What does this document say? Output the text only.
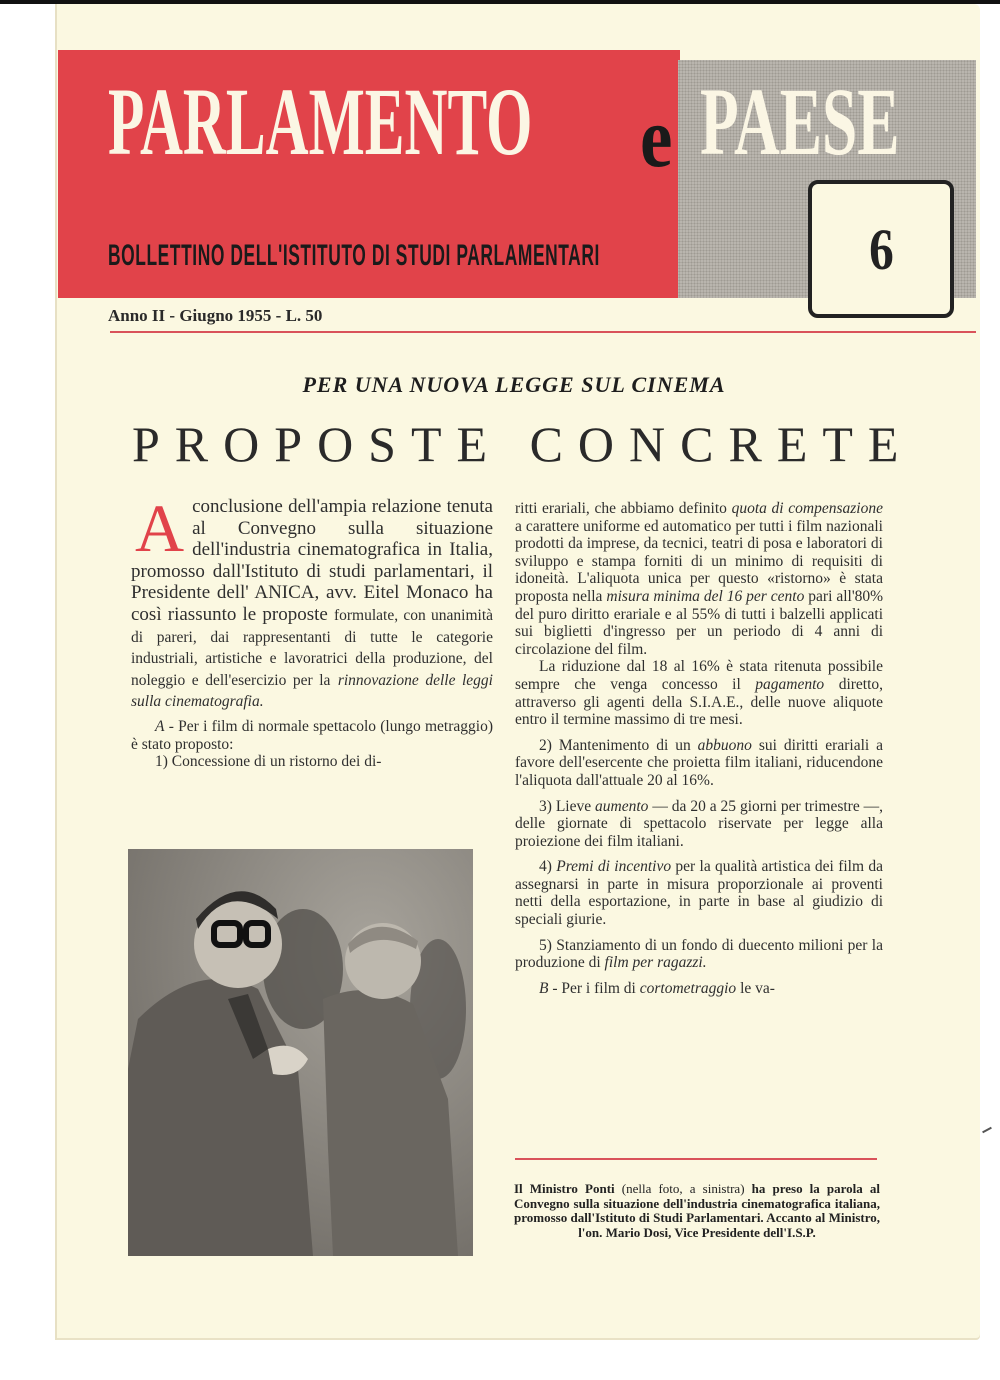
PARLAMENTO e PAESE
BOLLETTINO DELL'ISTITUTO DI STUDI PARLAMENTARI	6
Anno II - Giugno 1955 - L. 50
PER UNA NUOVA LEGGE SUL CINEMA
PROPOSTE CONCRETE

Aconclusione dell'ampia relazione tenuta al Convegno sulla situazione dell'industria cinematografica in Italia, promosso dall'Istituto di studi parlamentari, il Presidente dell' ANICA, avv. Eitel Monaco ha così riassunto le proposte formulate, con unanimità di pareri, dai rappresentanti di tutte le categorie industriali, artistiche e lavoratrici della produzione, del noleggio e dell'esercizio per la rinnovazione delle leggi sulla cinematografia.

A - Per i film di normale spettacolo (lungo metraggio) è stato proposto:

1) Concessione di un ristorno dei di-

ritti erariali, che abbiamo definito quota di compensazione a carattere uniforme ed automatico per tutti i film nazionali prodotti da imprese, da tecnici, teatri di posa e laboratori di sviluppo e stampa forniti di un minimo di requisiti di idoneità. L'aliquota unica per questo «ristorno» è stata proposta nella misura minima del 16 per cento pari all'80% del puro diritto erariale e al 55% di tutti i balzelli applicati sui biglietti d'ingresso per un periodo di 4 anni di circolazione del film.

La riduzione dal 18 al 16% è stata ritenuta possibile sempre che venga concesso il pagamento diretto, attraverso gli agenti della S.I.A.E., delle nuove aliquote entro il termine massimo di tre mesi.

2) Mantenimento di un abbuono sui diritti erariali a favore dell'esercente che proietta film italiani, riducendone l'aliquota dall'attuale 20 al 16%.

3) Lieve aumento — da 20 a 25 giorni per trimestre —, delle giornate di spettacolo riservate per legge alla proiezione dei film italiani.

4) Premi di incentivo per la qualità artistica dei film da assegnarsi in parte in misura proporzionale ai proventi netti della esportazione, in parte in base al giudizio di speciali giurie.

5) Stanziamento di un fondo di duecento milioni per la produzione di film per ragazzi.

B - Per i film di cortometraggio le va-

Il Ministro Ponti (nella foto, a sinistra) ha preso la parola al Convegno sulla situazione dell'industria cinematografica italiana, promosso dall'Istituto di Studi Parlamentari. Accanto al Ministro, l'on. Mario Dosi, Vice Presidente dell'I.S.P.
